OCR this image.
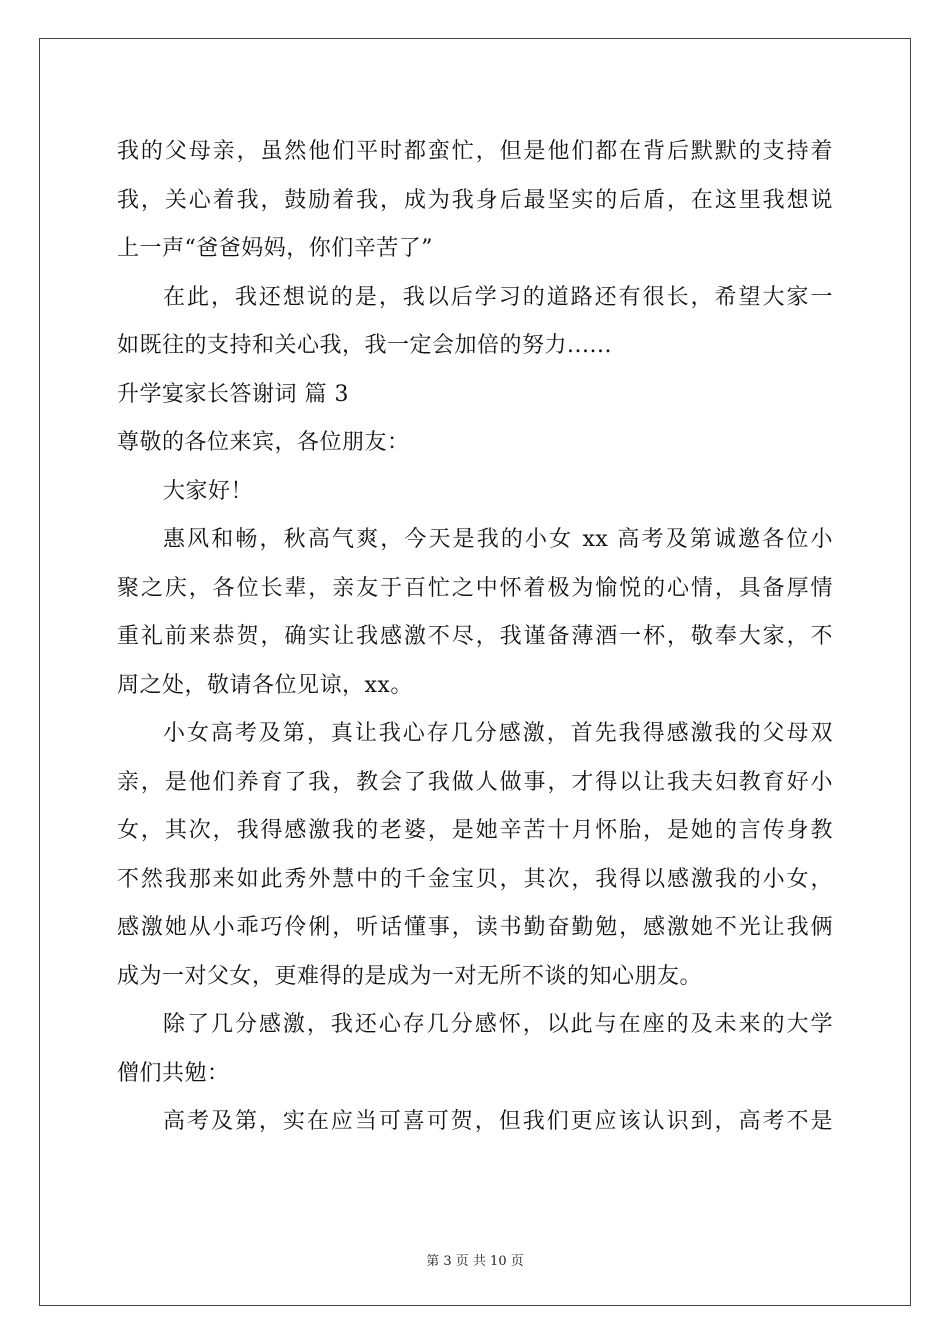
我的父母亲，虽然他们平时都蛮忙，但是他们都在背后默默的支持着
我，关心着我，鼓励着我，成为我身后最坚实的后盾，在这里我想说
上一声“爸爸妈妈，你们辛苦了”
在此，我还想说的是，我以后学习的道路还有很长，希望大家一
如既往的支持和关心我，我一定会加倍的努力......
升学宴家长答谢词 篇 3
尊敬的各位来宾，各位朋友：
大家好！
惠风和畅，秋高气爽，今天是我的小女 xx 高考及第诚邀各位小
聚之庆，各位长辈，亲友于百忙之中怀着极为愉悦的心情，具备厚情
重礼前来恭贺，确实让我感激不尽，我谨备薄酒一杯，敬奉大家，不
周之处，敬请各位见谅，xx。
小女高考及第，真让我心存几分感激，首先我得感激我的父母双
亲，是他们养育了我，教会了我做人做事，才得以让我夫妇教育好小
女，其次，我得感激我的老婆，是她辛苦十月怀胎，是她的言传身教
不然我那来如此秀外慧中的千金宝贝，其次，我得以感激我的小女，
感激她从小乖巧伶俐，听话懂事，读书勤奋勤勉，感激她不光让我俩
成为一对父女，更难得的是成为一对无所不谈的知心朋友。
除了几分感激，我还心存几分感怀，以此与在座的及未来的大学
僧们共勉：
高考及第，实在应当可喜可贺，但我们更应该认识到，高考不是
第 3 页 共 10 页
